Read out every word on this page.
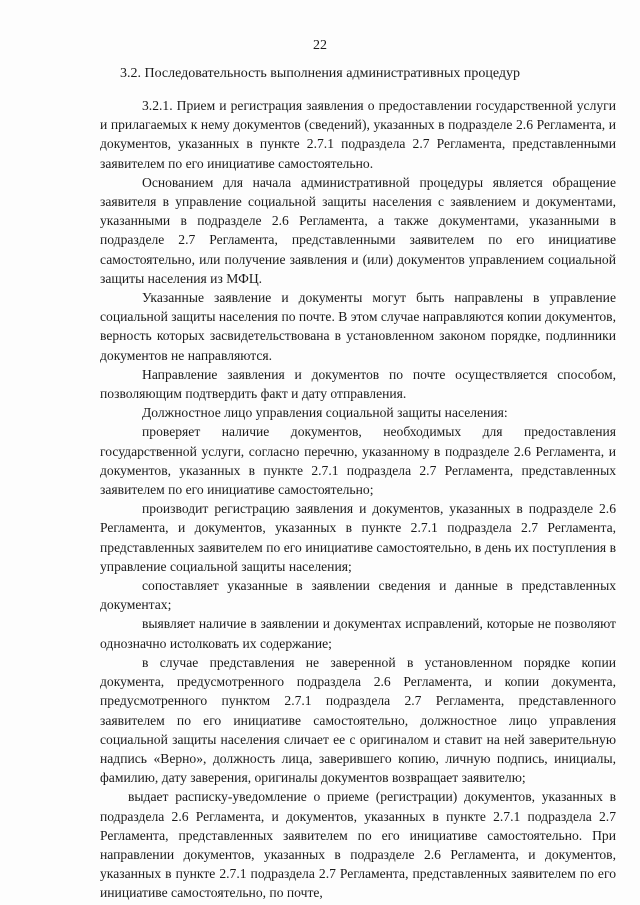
22
3.2. Последовательность выполнения административных процедур

3.2.1. Прием и регистрация заявления о предоставлении государственной услуги и прилагаемых к нему документов (сведений), указанных в подразделе 2.6 Регламента, и документов, указанных в пункте 2.7.1 подраздела 2.7 Регламента, представленными заявителем по его инициативе самостоятельно.

Основанием для начала административной процедуры является обращение заявителя в управление социальной защиты населения с заявлением и документами, указанными в подразделе 2.6 Регламента, а также документами, указанными в подразделе 2.7 Регламента, представленными заявителем по его инициативе самостоятельно, или получение заявления и (или) документов управлением социальной защиты населения из МФЦ.

Указанные заявление и документы могут быть направлены в управление социальной защиты населения по почте. В этом случае направляются копии документов, верность которых засвидетельствована в установленном законом порядке, подлинники документов не направляются.

Направление заявления и документов по почте осуществляется способом, позволяющим подтвердить факт и дату отправления.

Должностное лицо управления социальной защиты населения:

проверяет наличие документов, необходимых для предоставления государственной услуги, согласно перечню, указанному в подразделе 2.6 Регламента, и документов, указанных в пункте 2.7.1 подраздела 2.7 Регламента, представленных заявителем по его инициативе самостоятельно;

производит регистрацию заявления и документов, указанных в подразделе 2.6 Регламента, и документов, указанных в пункте 2.7.1 подраздела 2.7 Регламента, представленных заявителем по его инициативе самостоятельно, в день их поступления в управление социальной защиты населения;

сопоставляет указанные в заявлении сведения и данные в представленных документах;

выявляет наличие в заявлении и документах исправлений, которые не позволяют однозначно истолковать их содержание;

в случае представления не заверенной в установленном порядке копии документа, предусмотренного подраздела 2.6 Регламента, и копии документа, предусмотренного пунктом 2.7.1 подраздела 2.7 Регламента, представленного заявителем по его инициативе самостоятельно, должностное лицо управления социальной защиты населения сличает ее с оригиналом и ставит на ней заверительную надпись «Верно», должность лица, заверившего копию, личную подпись, инициалы, фамилию, дату заверения, оригиналы документов возвращает заявителю;

выдает расписку-уведомление о приеме (регистрации) документов, указанных в подраздела 2.6 Регламента, и документов, указанных в пункте 2.7.1 подраздела 2.7 Регламента, представленных заявителем по его инициативе самостоятельно. При направлении документов, указанных в подразделе 2.6 Регламента, и документов, указанных в пункте 2.7.1 подраздела 2.7 Регламента, представленных заявителем по его инициативе самостоятельно, по почте,
